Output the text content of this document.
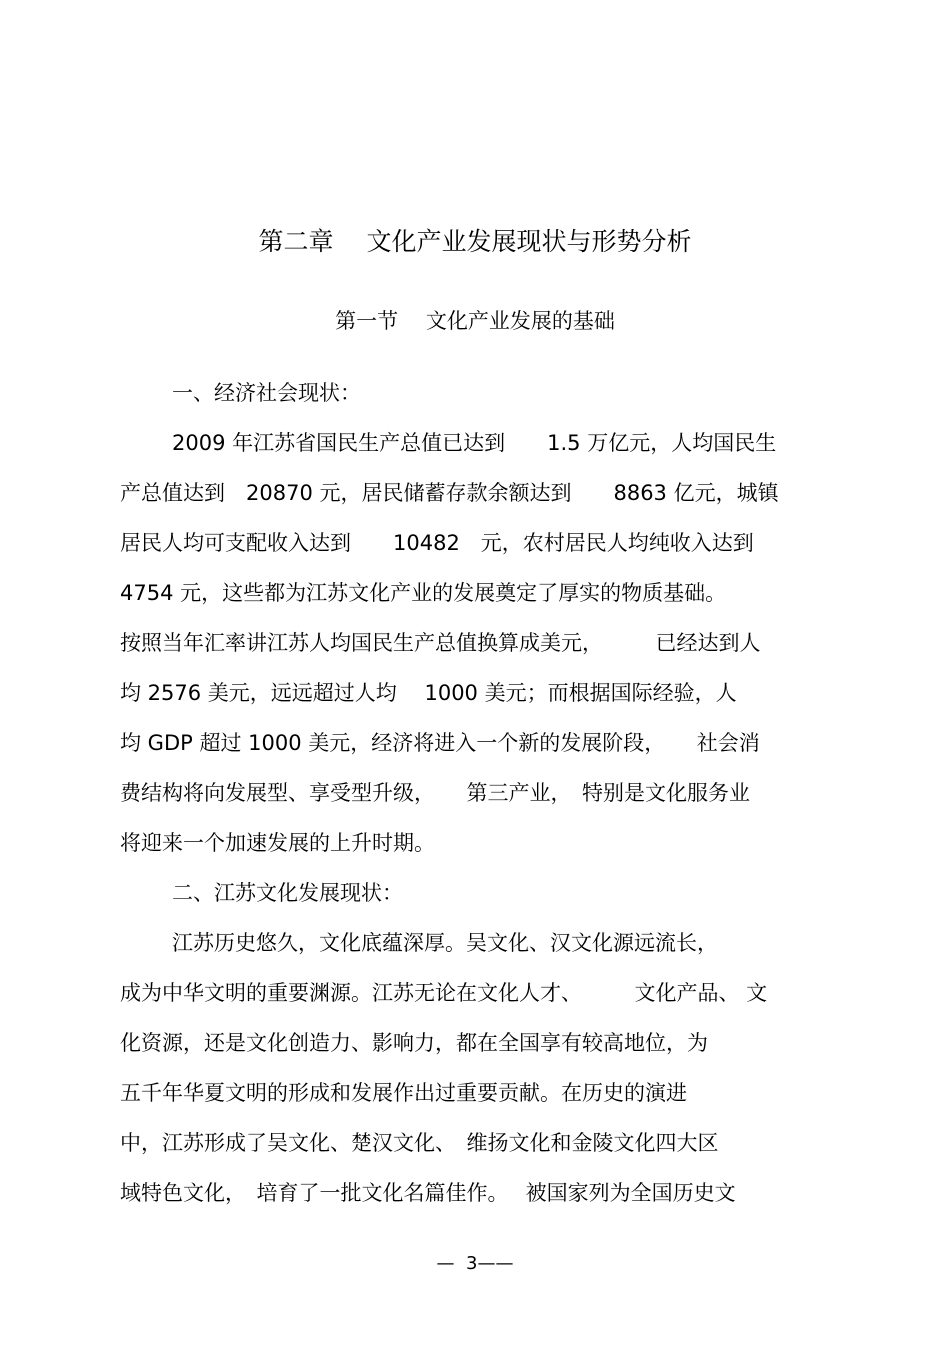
第二章　 文化产业发展现状与形势分析
第一节　 文化产业发展的基础
一、经济社会现状：
2009 年江苏省国民生产总值已达到　　1.5 万亿元，人均国民生
产总值达到　20870 元，居民储蓄存款余额达到　　8863 亿元，城镇
居民人均可支配收入达到　　10482　元，农村居民人均纯收入达到
4754 元，这些都为江苏文化产业的发展奠定了厚实的物质基础。
按照当年汇率讲江苏人均国民生产总值换算成美元，　　　已经达到人
均 2576 美元，远远超过人均　 1000 美元；而根据国际经验，人
均 GDP 超过 1000 美元，经济将进入一个新的发展阶段，　　社会消
费结构将向发展型、享受型升级，　　第三产业，　特别是文化服务业
将迎来一个加速发展的上升时期。
二、江苏文化发展现状：
江苏历史悠久，文化底蕴深厚。吴文化、汉文化源远流长，
成为中华文明的重要渊源。江苏无论在文化人才、　　　文化产品、 文
化资源，还是文化创造力、影响力，都在全国享有较高地位，为
五千年华夏文明的形成和发展作出过重要贡献。在历史的演进
中，江苏形成了吴文化、楚汉文化、　维扬文化和金陵文化四大区
域特色文化，　培育了一批文化名篇佳作。　 被国家列为全国历史文
—  3——
